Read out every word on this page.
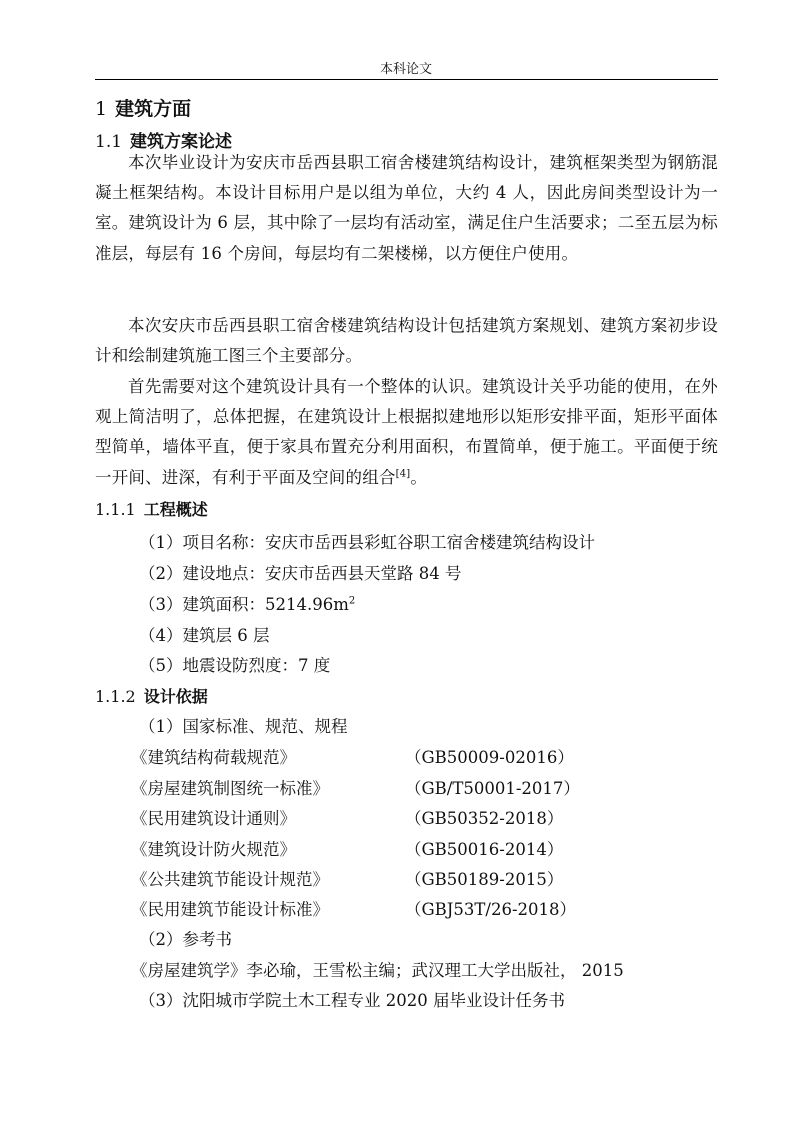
本科论文
1 建筑方面
1.1 建筑方案论述
本次毕业设计为安庆市岳西县职工宿舍楼建筑结构设计，建筑框架类型为钢筋混凝土框架结构。本设计目标用户是以组为单位，大约 4 人，因此房间类型设计为一室。建筑设计为 6 层，其中除了一层均有活动室，满足住户生活要求；二至五层为标准层，每层有 16 个房间，每层均有二架楼梯，以方便住户使用。
本次安庆市岳西县职工宿舍楼建筑结构设计包括建筑方案规划、建筑方案初步设计和绘制建筑施工图三个主要部分。
首先需要对这个建筑设计具有一个整体的认识。建筑设计关乎功能的使用，在外观上简洁明了，总体把握，在建筑设计上根据拟建地形以矩形安排平面，矩形平面体型简单，墙体平直，便于家具布置充分利用面积，布置简单，便于施工。平面便于统一开间、进深，有利于平面及空间的组合[4]。
1.1.1 工程概述
（1）项目名称：安庆市岳西县彩虹谷职工宿舍楼建筑结构设计
（2）建设地点：安庆市岳西县天堂路 84 号
（3）建筑面积：$5214.96m^2$
（4）建筑层 6 层
（5）地震设防烈度：7 度
1.1.2 设计依据
（1）国家标准、规范、规程
《建筑结构荷载规范》	（GB50009-02016）
《房屋建筑制图统一标准》	（GB/T50001-2017）
《民用建筑设计通则》	（GB50352-2018）
《建筑设计防火规范》	（GB50016-2014）
《公共建筑节能设计规范》	（GB50189-2015）
《民用建筑节能设计标准》	（GBJ53T/26-2018）
（2）参考书
《房屋建筑学》李必瑜，王雪松主编；武汉理工大学出版社， 2015
（3）沈阳城市学院土木工程专业 2020 届毕业设计任务书
